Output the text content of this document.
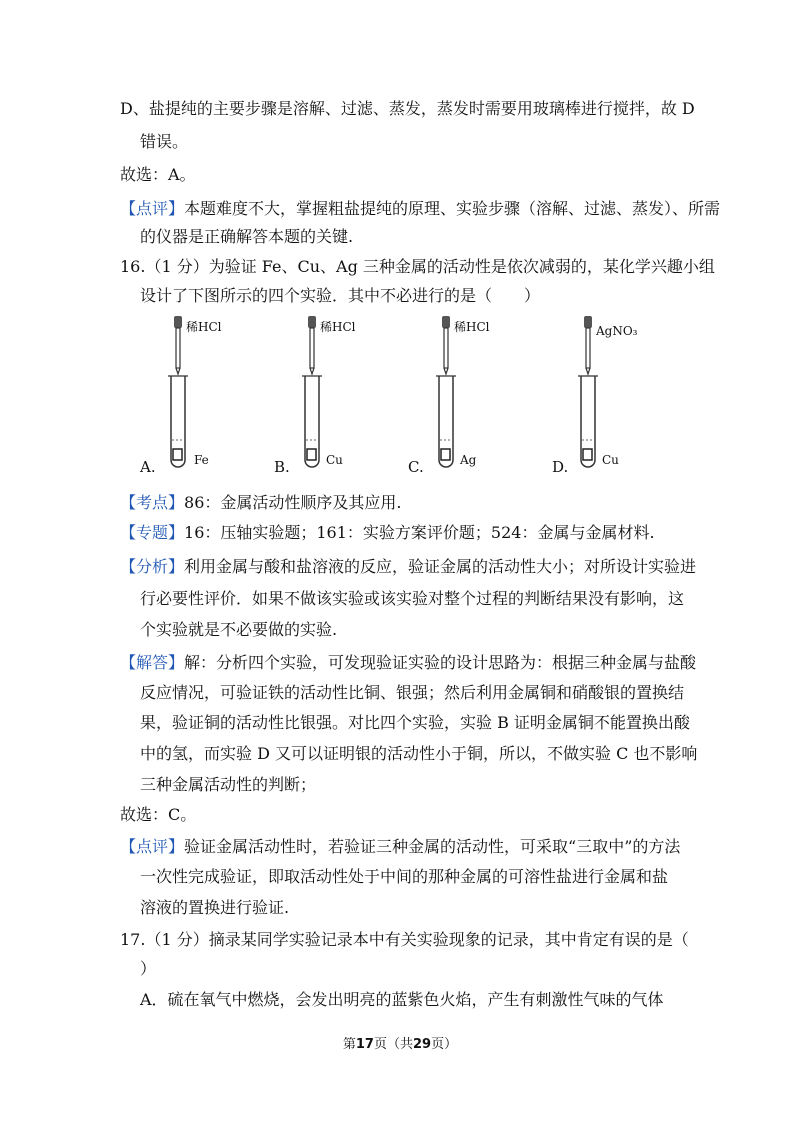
D、盐提纯的主要步骤是溶解、过滤、蒸发，蒸发时需要用玻璃棒进行搅拌，故 D
错误。
故选：A。
【点评】本题难度不大，掌握粗盐提纯的原理、实验步骤（溶解、过滤、蒸发）、所需
的仪器是正确解答本题的关键.
16.（1 分）为验证 Fe、Cu、Ag 三种金属的活动性是依次减弱的，某化学兴趣小组
设计了下图所示的四个实验．其中不必进行的是（　　）
稀HCl
Fe
A.
稀HCl
Cu
B.
稀HCl
Ag
C.
AgNO₃
Cu
D.
【考点】86：金属活动性顺序及其应用.
【专题】16：压轴实验题；161：实验方案评价题；524：金属与金属材料.
【分析】利用金属与酸和盐溶液的反应，验证金属的活动性大小；对所设计实验进
行必要性评价．如果不做该实验或该实验对整个过程的判断结果没有影响，这
个实验就是不必要做的实验.
【解答】解：分析四个实验，可发现验证实验的设计思路为：根据三种金属与盐酸
反应情况，可验证铁的活动性比铜、银强；然后利用金属铜和硝酸银的置换结
果，验证铜的活动性比银强。对比四个实验，实验 B 证明金属铜不能置换出酸
中的氢，而实验 D 又可以证明银的活动性小于铜，所以，不做实验 C 也不影响
三种金属活动性的判断；
故选：C。
【点评】验证金属活动性时，若验证三种金属的活动性，可采取“三取中”的方法
一次性完成验证，即取活动性处于中间的那种金属的可溶性盐进行金属和盐
溶液的置换进行验证.
17.（1 分）摘录某同学实验记录本中有关实验现象的记录，其中肯定有误的是（
）
A．硫在氧气中燃烧，会发出明亮的蓝紫色火焰，产生有刺激性气味的气体
第17页（共29页）
